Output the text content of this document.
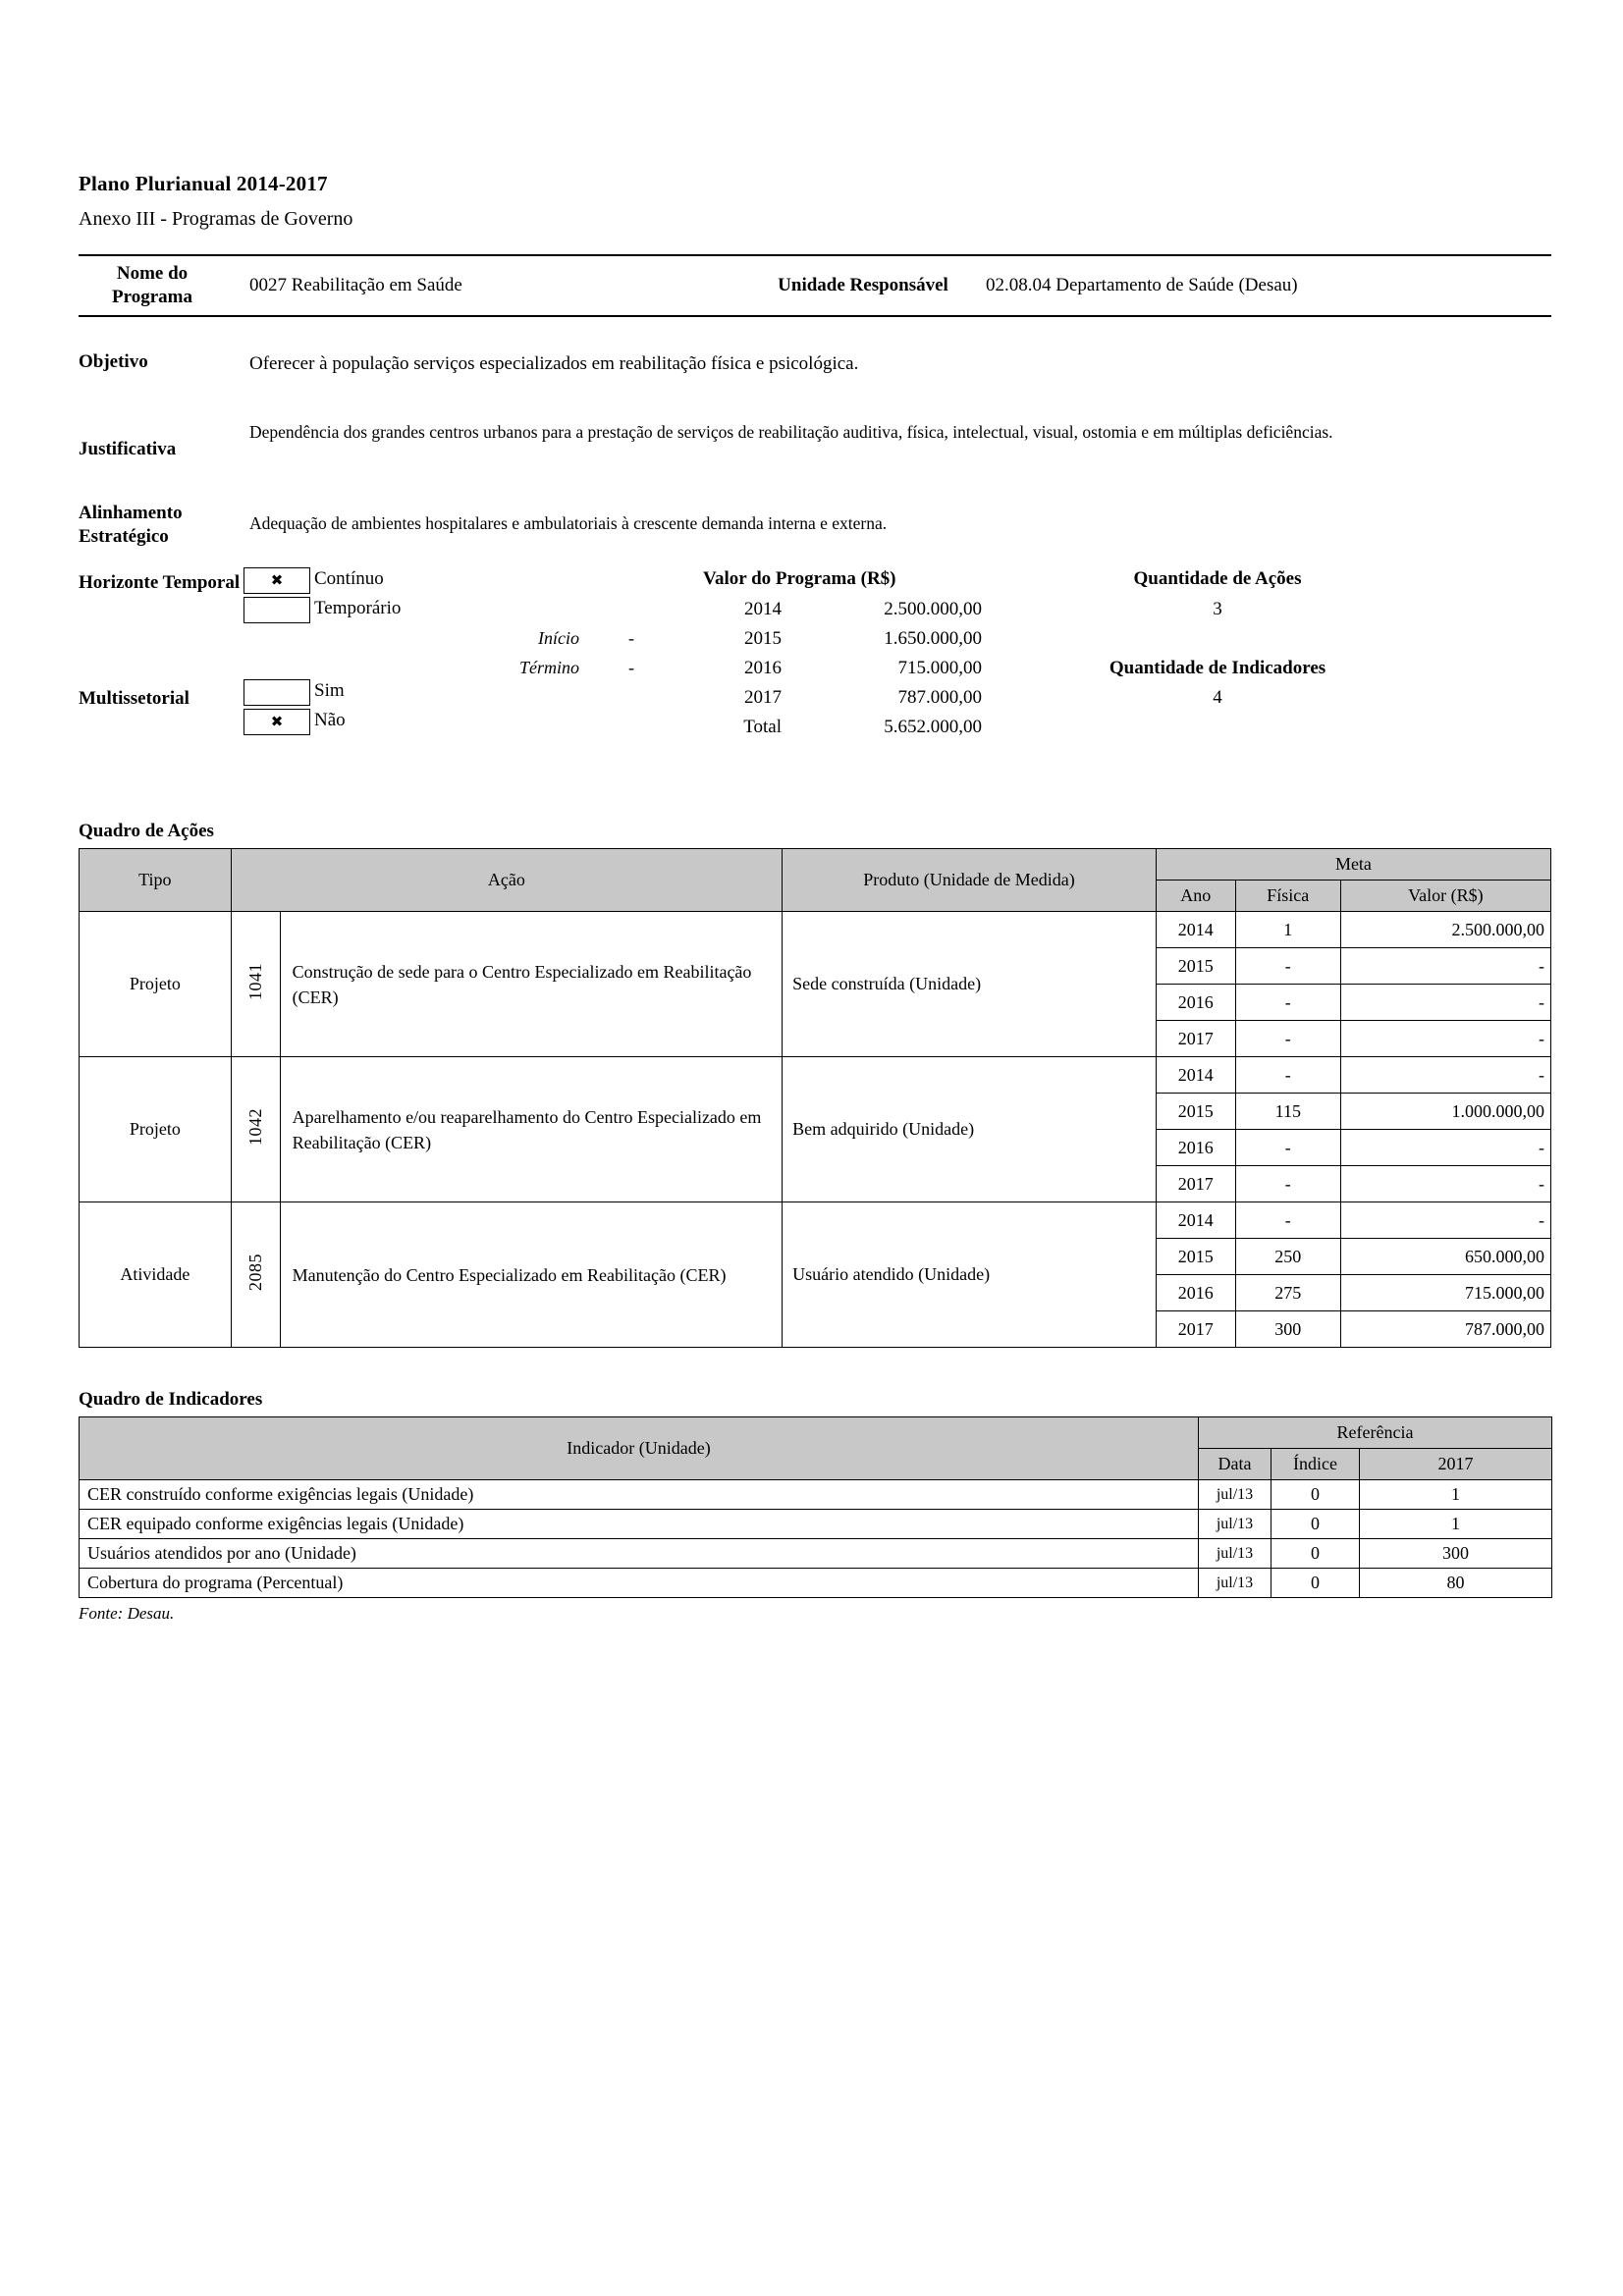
Plano Plurianual 2014-2017
Anexo III - Programas de Governo
Nome do Programa
0027 Reabilitação em Saúde	Unidade Responsável	02.08.04 Departamento de Saúde (Desau)
Objetivo	Oferecer à população serviços especializados em reabilitação física e psicológica.
Justificativa
Dependência dos grandes centros urbanos para a prestação de serviços de reabilitação auditiva, física, intelectual, visual, ostomia e em múltiplas deficiências.
Alinhamento Estratégico
Adequação de ambientes hospitalares e ambulatoriais à crescente demanda interna e externa.
Horizonte Temporal
Multissetorial
✖ Contínuo
Temporário
Sim
✖ Não
Início	-
Término	-
Valor do Programa (R$)
2014	2.500.000,00
2015	1.650.000,00
2016	715.000,00
2017	787.000,00
Total	5.652.000,00
Quantidade de Ações
3
Quantidade de Indicadores
4
Quadro de Ações
Tipo	Ação		Produto (Unidade de Medida)	Meta		
				Ano	Física	Valor (R$)
Projeto	1041	Construção de sede para o Centro Especializado em Reabilitação (CER)	Sede construída (Unidade)	2014	1	2.500.000,00
				2015	-	-
				2016	-	-
				2017	-	-
Projeto	1042	Aparelhamento e/ou reaparelhamento do Centro Especializado em Reabilitação (CER)	Bem adquirido (Unidade)	2014	-	-
				2015	115	1.000.000,00
				2016	-	-
				2017	-	-
Atividade	2085	Manutenção do Centro Especializado em Reabilitação (CER)	Usuário atendido (Unidade)	2014	-	-
				2015	250	650.000,00
				2016	275	715.000,00
				2017	300	787.000,00
Quadro de Indicadores
Indicador (Unidade)	Referência		
	Data	Índice	2017
CER construído conforme exigências legais (Unidade)	jul/13	0	1
CER equipado conforme exigências legais (Unidade)	jul/13	0	1
Usuários atendidos por ano (Unidade)	jul/13	0	300
Cobertura do programa (Percentual)	jul/13	0	80
Fonte: Desau.
